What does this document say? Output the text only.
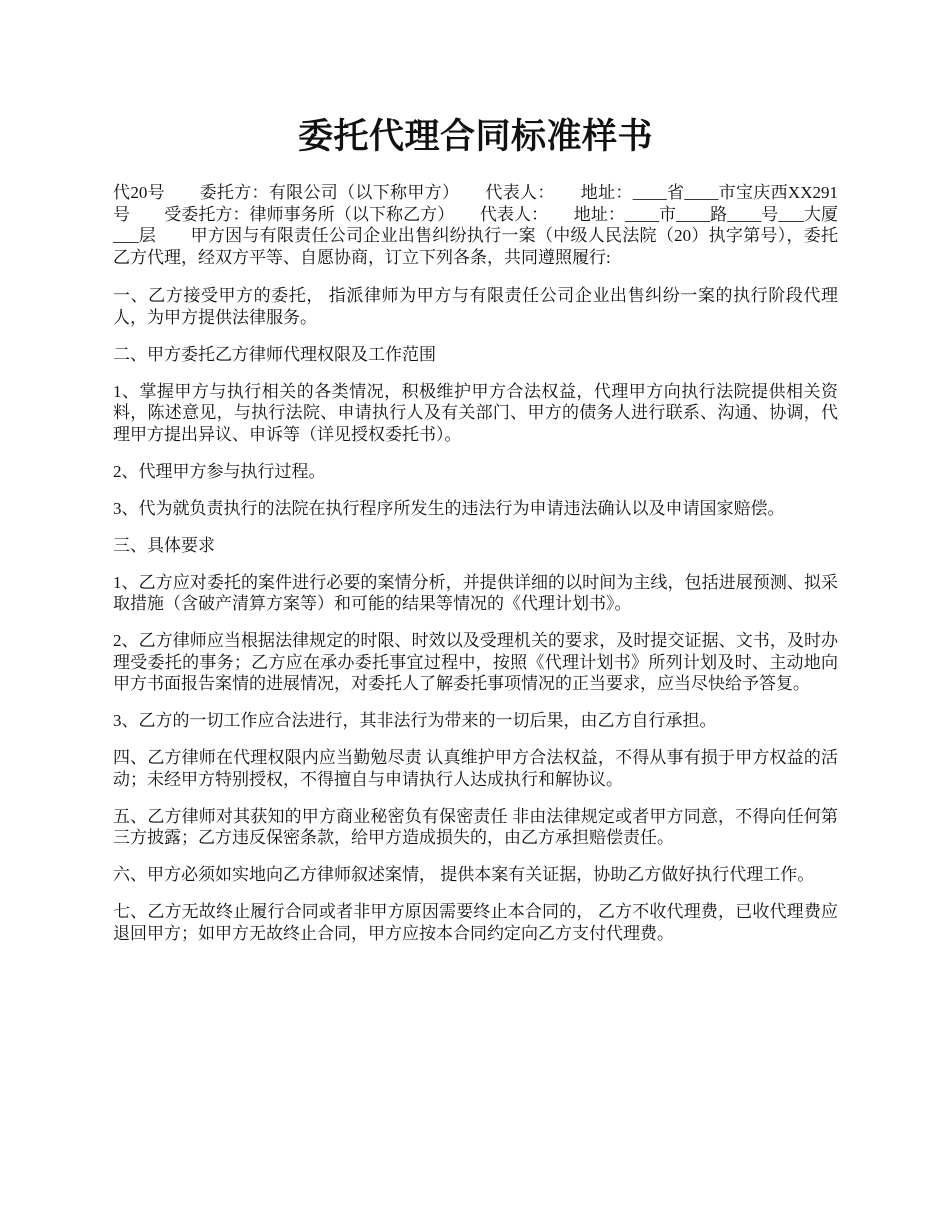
委托代理合同标准样书

代20号　　委托方：有限公司（以下称甲方）　　代表人：　　地址：____省____市宝庆西XX291号　　受委托方：律师事务所（以下称乙方）　　代表人：　　地址：____市____路____号___大厦___层　　甲方因与有限责任公司企业出售纠纷执行一案（中级人民法院（20）执字第号），委托乙方代理，经双方平等、自愿协商，订立下列各条，共同遵照履行:

一、乙方接受甲方的委托， 指派律师为甲方与有限责任公司企业出售纠纷一案的执行阶段代理人，为甲方提供法律服务。

二、甲方委托乙方律师代理权限及工作范围

1、掌握甲方与执行相关的各类情况，积极维护甲方合法权益，代理甲方向执行法院提供相关资料，陈述意见，与执行法院、申请执行人及有关部门、甲方的债务人进行联系、沟通、协调，代理甲方提出异议、申诉等（详见授权委托书）。

2、代理甲方参与执行过程。

3、代为就负责执行的法院在执行程序所发生的违法行为申请违法确认以及申请国家赔偿。

三、具体要求

1、乙方应对委托的案件进行必要的案情分析，并提供详细的以时间为主线，包括进展预测、拟采取措施（含破产清算方案等）和可能的结果等情况的《代理计划书》。

2、乙方律师应当根据法律规定的时限、时效以及受理机关的要求，及时提交证据、文书，及时办理受委托的事务；乙方应在承办委托事宜过程中，按照《代理计划书》所列计划及时、主动地向甲方书面报告案情的进展情况，对委托人了解委托事项情况的正当要求，应当尽快给予答复。

3、乙方的一切工作应合法进行，其非法行为带来的一切后果，由乙方自行承担。

四、乙方律师在代理权限内应当勤勉尽责 认真维护甲方合法权益，不得从事有损于甲方权益的活动；未经甲方特别授权，不得擅自与申请执行人达成执行和解协议。

五、乙方律师对其获知的甲方商业秘密负有保密责任 非由法律规定或者甲方同意，不得向任何第三方披露；乙方违反保密条款，给甲方造成损失的，由乙方承担赔偿责任。

六、甲方必须如实地向乙方律师叙述案情， 提供本案有关证据，协助乙方做好执行代理工作。

七、乙方无故终止履行合同或者非甲方原因需要终止本合同的， 乙方不收代理费，已收代理费应退回甲方；如甲方无故终止合同，甲方应按本合同约定向乙方支付代理费。
